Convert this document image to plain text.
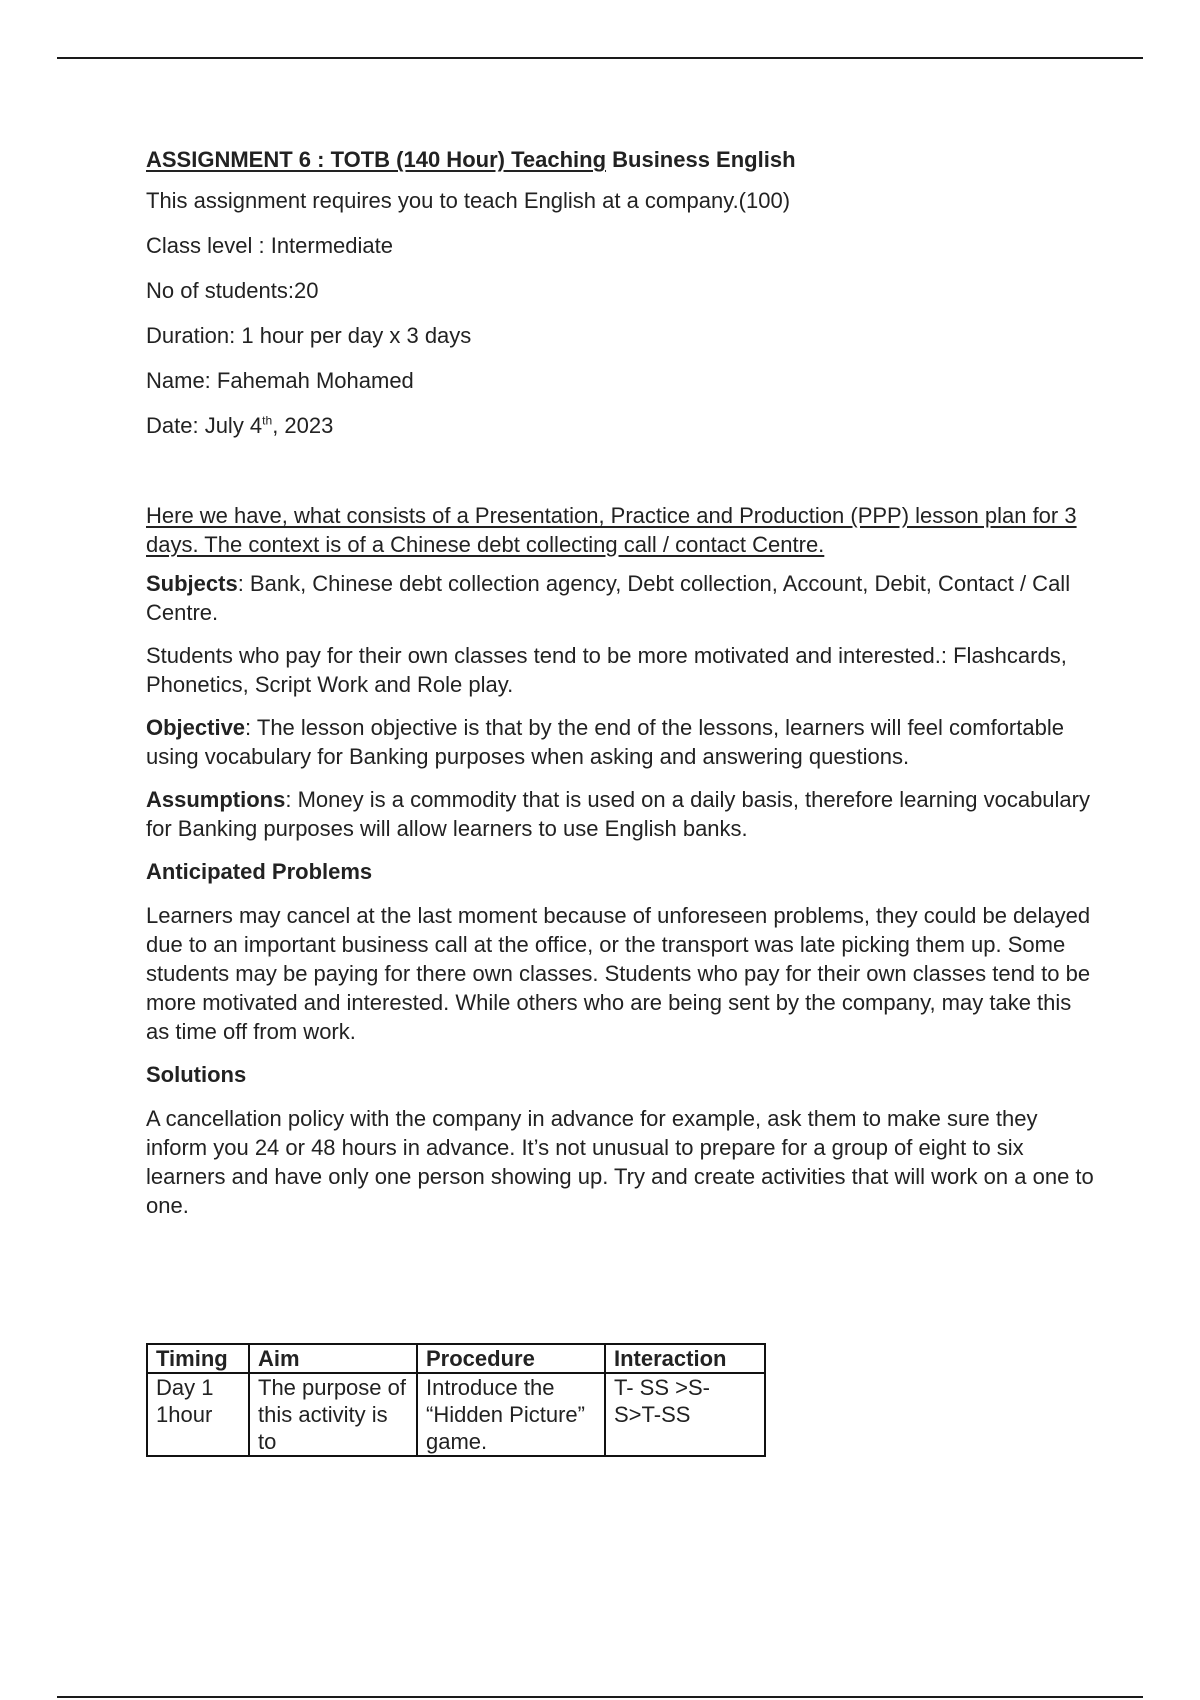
ASSIGNMENT 6 : TOTB (140 Hour) Teaching Business English
This assignment requires you to teach English at a company.(100)
Class level : Intermediate
No of students:20
Duration: 1 hour per day x 3 days
Name: Fahemah Mohamed
Date: July 4th, 2023

Here we have, what consists of a Presentation, Practice and Production (PPP) lesson plan for 3 days. The context is of a Chinese debt collecting call / contact Centre.

Subjects: Bank, Chinese debt collection agency, Debt collection, Account, Debit, Contact / Call Centre.

Students who pay for their own classes tend to be more motivated and interested.: Flashcards, Phonetics, Script Work and Role play.

Objective: The lesson objective is that by the end of the lessons, learners will feel comfortable using vocabulary for Banking purposes when asking and answering questions.

Assumptions: Money is a commodity that is used on a daily basis, therefore learning vocabulary for Banking purposes will allow learners to use English banks.

Anticipated Problems

Learners may cancel at the last moment because of unforeseen problems, they could be delayed due to an important business call at the office, or the transport was late picking them up. Some students may be paying for there own classes. Students who pay for their own classes tend to be more motivated and interested. While others who are being sent by the company, may take this as time off from work.

Solutions

A cancellation policy with the company in advance for example, ask them to make sure they inform you 24 or 48 hours in advance. It’s not unusual to prepare for a group of eight to six learners and have only one person showing up. Try and create activities that will work on a one to one.

Timing	Aim	Procedure	Interaction
Day 1 1hour	The purpose of this activity is to	Introduce the “Hidden Picture” game.	T- SS >S-S>T-SS
